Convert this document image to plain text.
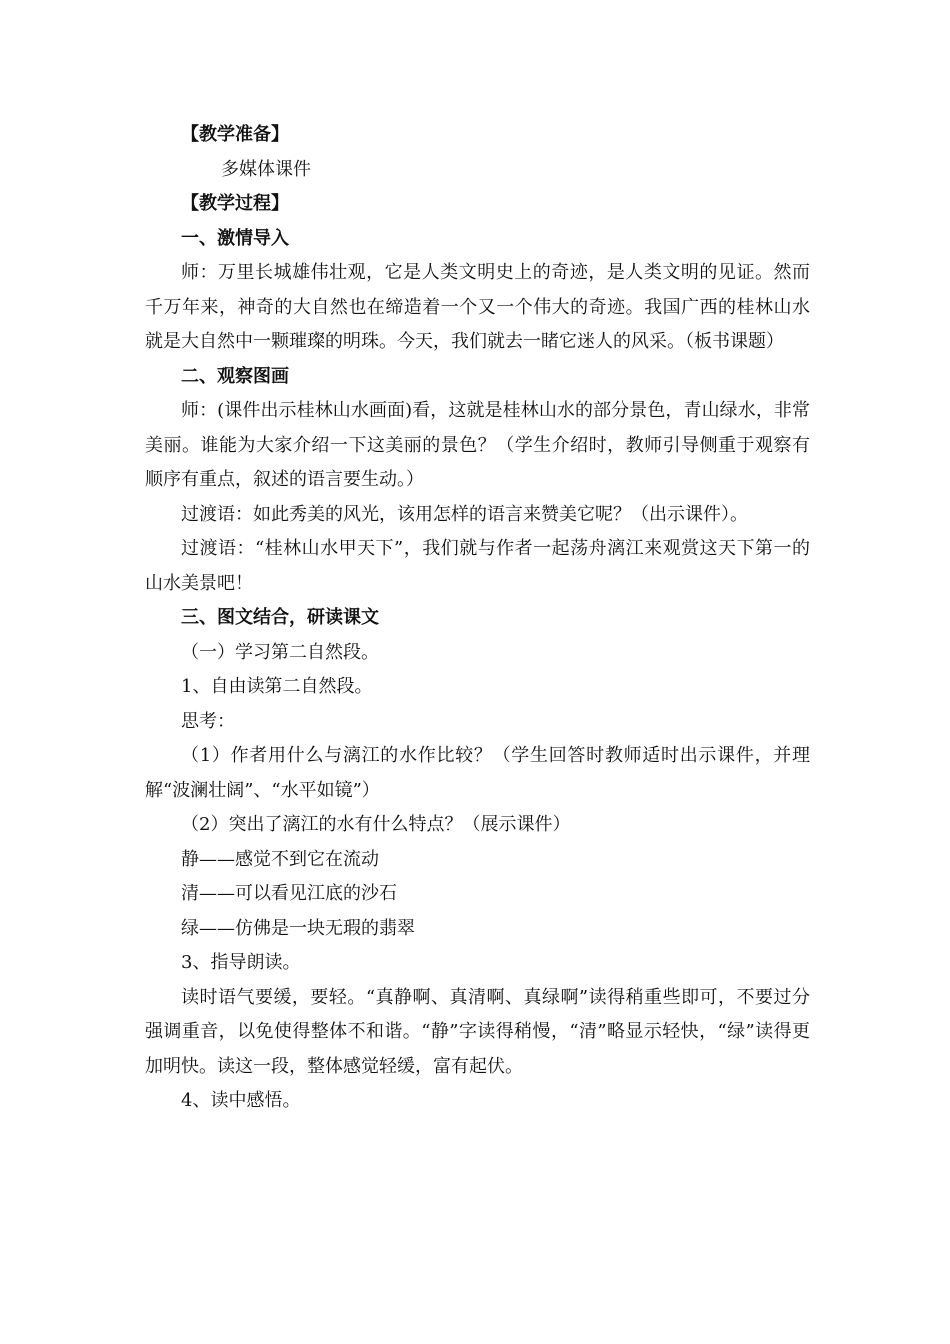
【教学准备】

多媒体课件

【教学过程】

一、激情导入

师：万里长城雄伟壮观，它是人类文明史上的奇迹，是人类文明的见证。然而千万年来，神奇的大自然也在缔造着一个又一个伟大的奇迹。我国广西的桂林山水就是大自然中一颗璀璨的明珠。今天，我们就去一睹它迷人的风采。（板书课题）

二、观察图画

师：(课件出示桂林山水画面)看，这就是桂林山水的部分景色，青山绿水，非常美丽。谁能为大家介绍一下这美丽的景色？（学生介绍时，教师引导侧重于观察有顺序有重点，叙述的语言要生动。）

过渡语：如此秀美的风光，该用怎样的语言来赞美它呢？（出示课件）。

过渡语：“桂林山水甲天下”，我们就与作者一起荡舟漓江来观赏这天下第一的山水美景吧！

三、图文结合，研读课文

（一）学习第二自然段。

1、自由读第二自然段。

思考：

（1）作者用什么与漓江的水作比较？（学生回答时教师适时出示课件，并理解“波澜壮阔”、“水平如镜”）

（2）突出了漓江的水有什么特点？（展示课件）

静——感觉不到它在流动

清——可以看见江底的沙石

绿——仿佛是一块无瑕的翡翠

3、指导朗读。

读时语气要缓，要轻。“真静啊、真清啊、真绿啊”读得稍重些即可，不要过分强调重音，以免使得整体不和谐。“静”字读得稍慢，“清”略显示轻快，“绿”读得更加明快。读这一段，整体感觉轻缓，富有起伏。

4、读中感悟。
